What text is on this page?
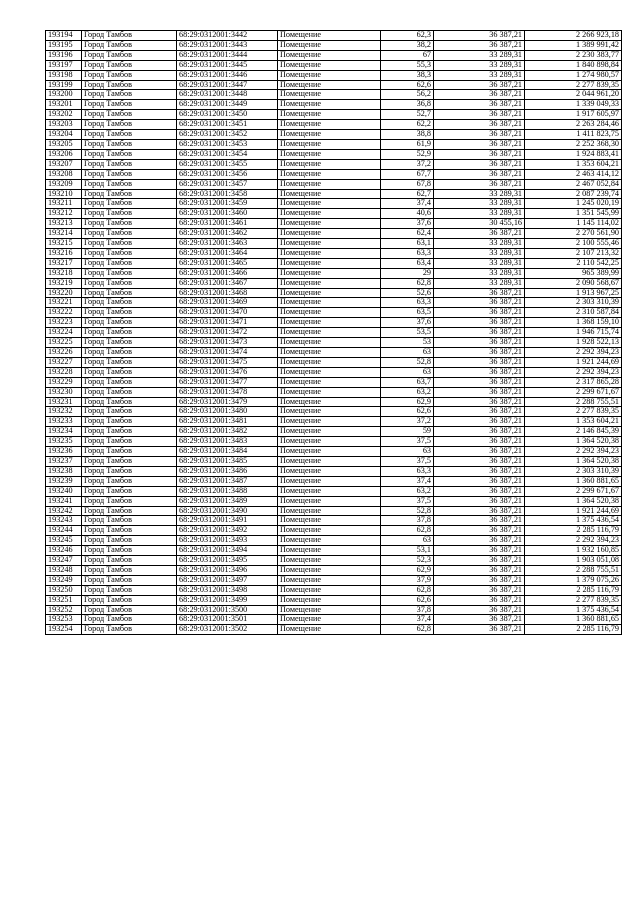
193194	Город Тамбов	68:29:0312001:3442	Помещение	62,3	36 387,21	2 266 923,18
193195	Город Тамбов	68:29:0312001:3443	Помещение	38,2	36 387,21	1 389 991,42
193196	Город Тамбов	68:29:0312001:3444	Помещение	67	33 289,31	2 230 383,77
193197	Город Тамбов	68:29:0312001:3445	Помещение	55,3	33 289,31	1 840 898,84
193198	Город Тамбов	68:29:0312001:3446	Помещение	38,3	33 289,31	1 274 980,57
193199	Город Тамбов	68:29:0312001:3447	Помещение	62,6	36 387,21	2 277 839,35
193200	Город Тамбов	68:29:0312001:3448	Помещение	56,2	36 387,21	2 044 961,20
193201	Город Тамбов	68:29:0312001:3449	Помещение	36,8	36 387,21	1 339 049,33
193202	Город Тамбов	68:29:0312001:3450	Помещение	52,7	36 387,21	1 917 605,97
193203	Город Тамбов	68:29:0312001:3451	Помещение	62,2	36 387,21	2 263 284,46
193204	Город Тамбов	68:29:0312001:3452	Помещение	38,8	36 387,21	1 411 823,75
193205	Город Тамбов	68:29:0312001:3453	Помещение	61,9	36 387,21	2 252 368,30
193206	Город Тамбов	68:29:0312001:3454	Помещение	52,9	36 387,21	1 924 883,41
193207	Город Тамбов	68:29:0312001:3455	Помещение	37,2	36 387,21	1 353 604,21
193208	Город Тамбов	68:29:0312001:3456	Помещение	67,7	36 387,21	2 463 414,12
193209	Город Тамбов	68:29:0312001:3457	Помещение	67,8	36 387,21	2 467 052,84
193210	Город Тамбов	68:29:0312001:3458	Помещение	62,7	33 289,31	2 087 239,74
193211	Город Тамбов	68:29:0312001:3459	Помещение	37,4	33 289,31	1 245 020,19
193212	Город Тамбов	68:29:0312001:3460	Помещение	40,6	33 289,31	1 351 545,99
193213	Город Тамбов	68:29:0312001:3461	Помещение	37,6	30 455,16	1 145 114,02
193214	Город Тамбов	68:29:0312001:3462	Помещение	62,4	36 387,21	2 270 561,90
193215	Город Тамбов	68:29:0312001:3463	Помещение	63,1	33 289,31	2 100 555,46
193216	Город Тамбов	68:29:0312001:3464	Помещение	63,3	33 289,31	2 107 213,32
193217	Город Тамбов	68:29:0312001:3465	Помещение	63,4	33 289,31	2 110 542,25
193218	Город Тамбов	68:29:0312001:3466	Помещение	29	33 289,31	965 389,99
193219	Город Тамбов	68:29:0312001:3467	Помещение	62,8	33 289,31	2 090 568,67
193220	Город Тамбов	68:29:0312001:3468	Помещение	52,6	36 387,21	1 913 967,25
193221	Город Тамбов	68:29:0312001:3469	Помещение	63,3	36 387,21	2 303 310,39
193222	Город Тамбов	68:29:0312001:3470	Помещение	63,5	36 387,21	2 310 587,84
193223	Город Тамбов	68:29:0312001:3471	Помещение	37,6	36 387,21	1 368 159,10
193224	Город Тамбов	68:29:0312001:3472	Помещение	53,5	36 387,21	1 946 715,74
193225	Город Тамбов	68:29:0312001:3473	Помещение	53	36 387,21	1 928 522,13
193226	Город Тамбов	68:29:0312001:3474	Помещение	63	36 387,21	2 292 394,23
193227	Город Тамбов	68:29:0312001:3475	Помещение	52,8	36 387,21	1 921 244,69
193228	Город Тамбов	68:29:0312001:3476	Помещение	63	36 387,21	2 292 394,23
193229	Город Тамбов	68:29:0312001:3477	Помещение	63,7	36 387,21	2 317 865,28
193230	Город Тамбов	68:29:0312001:3478	Помещение	63,2	36 387,21	2 299 671,67
193231	Город Тамбов	68:29:0312001:3479	Помещение	62,9	36 387,21	2 288 755,51
193232	Город Тамбов	68:29:0312001:3480	Помещение	62,6	36 387,21	2 277 839,35
193233	Город Тамбов	68:29:0312001:3481	Помещение	37,2	36 387,21	1 353 604,21
193234	Город Тамбов	68:29:0312001:3482	Помещение	59	36 387,21	2 146 845,39
193235	Город Тамбов	68:29:0312001:3483	Помещение	37,5	36 387,21	1 364 520,38
193236	Город Тамбов	68:29:0312001:3484	Помещение	63	36 387,21	2 292 394,23
193237	Город Тамбов	68:29:0312001:3485	Помещение	37,5	36 387,21	1 364 520,38
193238	Город Тамбов	68:29:0312001:3486	Помещение	63,3	36 387,21	2 303 310,39
193239	Город Тамбов	68:29:0312001:3487	Помещение	37,4	36 387,21	1 360 881,65
193240	Город Тамбов	68:29:0312001:3488	Помещение	63,2	36 387,21	2 299 671,67
193241	Город Тамбов	68:29:0312001:3489	Помещение	37,5	36 387,21	1 364 520,38
193242	Город Тамбов	68:29:0312001:3490	Помещение	52,8	36 387,21	1 921 244,69
193243	Город Тамбов	68:29:0312001:3491	Помещение	37,8	36 387,21	1 375 436,54
193244	Город Тамбов	68:29:0312001:3492	Помещение	62,8	36 387,21	2 285 116,79
193245	Город Тамбов	68:29:0312001:3493	Помещение	63	36 387,21	2 292 394,23
193246	Город Тамбов	68:29:0312001:3494	Помещение	53,1	36 387,21	1 932 160,85
193247	Город Тамбов	68:29:0312001:3495	Помещение	52,3	36 387,21	1 903 051,08
193248	Город Тамбов	68:29:0312001:3496	Помещение	62,9	36 387,21	2 288 755,51
193249	Город Тамбов	68:29:0312001:3497	Помещение	37,9	36 387,21	1 379 075,26
193250	Город Тамбов	68:29:0312001:3498	Помещение	62,8	36 387,21	2 285 116,79
193251	Город Тамбов	68:29:0312001:3499	Помещение	62,6	36 387,21	2 277 839,35
193252	Город Тамбов	68:29:0312001:3500	Помещение	37,8	36 387,21	1 375 436,54
193253	Город Тамбов	68:29:0312001:3501	Помещение	37,4	36 387,21	1 360 881,65
193254	Город Тамбов	68:29:0312001:3502	Помещение	62,8	36 387,21	2 285 116,79
